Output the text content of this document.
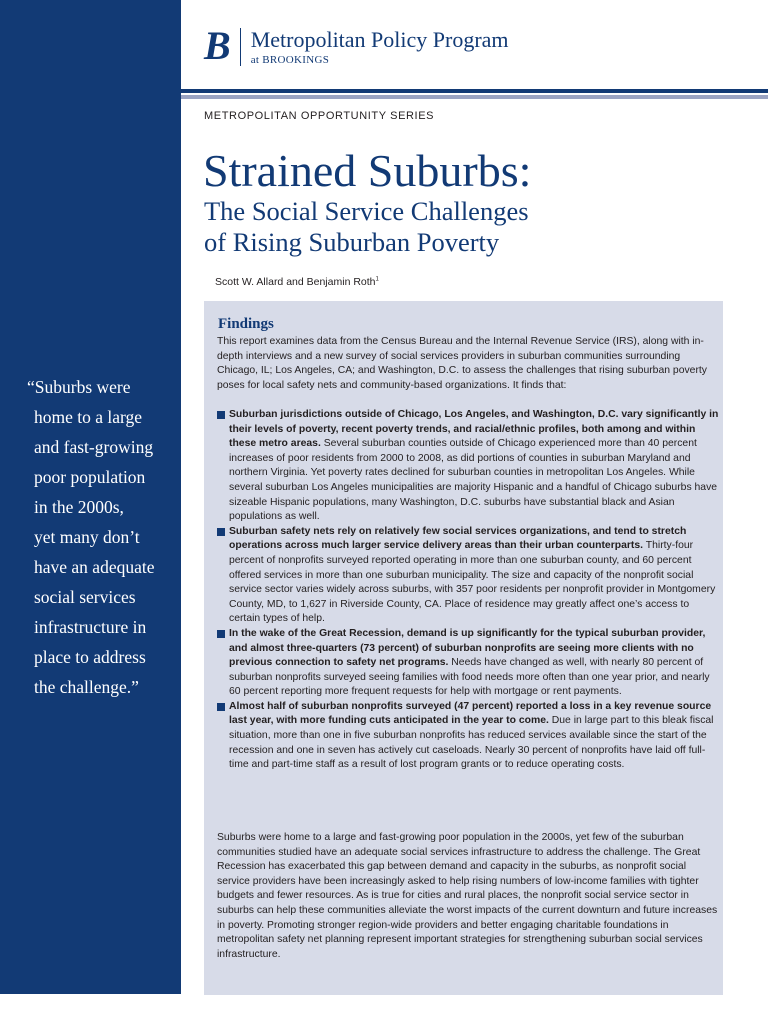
“Suburbs were
home to a large
and fast-growing
poor population
in the 2000s,
yet many don’t
have an adequate
social services
infrastructure in
place to address
the challenge.”
B Metropolitan Policy Program
at BROOKINGS
METROPOLITAN OPPORTUNITY SERIES
Strained Suburbs:
The Social Service Challenges
of Rising Suburban Poverty
Scott W. Allard and Benjamin Roth$^1$
Findings

This report examines data from the Census Bureau and the Internal Revenue Service (IRS), along with in-depth interviews and a new survey of social services providers in suburban communities surrounding Chicago, IL; Los Angeles, CA; and Washington, D.C. to assess the challenges that rising suburban poverty poses for local safety nets and community-based organizations. It finds that:

Suburban jurisdictions outside of Chicago, Los Angeles, and Washington, D.C. vary significantly in their levels of poverty, recent poverty trends, and racial/ethnic profiles, both among and within these metro areas. Several suburban counties outside of Chicago experienced more than 40 percent increases of poor residents from 2000 to 2008, as did portions of counties in suburban Maryland and northern Virginia. Yet poverty rates declined for suburban counties in metropolitan Los Angeles. While several suburban Los Angeles municipalities are majority Hispanic and a handful of Chicago suburbs have sizeable Hispanic populations, many Washington, D.C. suburbs have substantial black and Asian populations as well.
Suburban safety nets rely on relatively few social services organizations, and tend to stretch operations across much larger service delivery areas than their urban counterparts. Thirty-four percent of nonprofits surveyed reported operating in more than one suburban county, and 60 percent offered services in more than one suburban municipality. The size and capacity of the nonprofit social service sector varies widely across suburbs, with 357 poor residents per nonprofit provider in Montgomery County, MD, to 1,627 in Riverside County, CA. Place of residence may greatly affect one’s access to certain types of help.
In the wake of the Great Recession, demand is up significantly for the typical suburban provider, and almost three-quarters (73 percent) of suburban nonprofits are seeing more clients with no previous connection to safety net programs. Needs have changed as well, with nearly 80 percent of suburban nonprofits surveyed seeing families with food needs more often than one year prior, and nearly 60 percent reporting more frequent requests for help with mortgage or rent payments.
Almost half of suburban nonprofits surveyed (47 percent) reported a loss in a key revenue source last year, with more funding cuts anticipated in the year to come. Due in large part to this bleak fiscal situation, more than one in five suburban nonprofits has reduced services available since the start of the recession and one in seven has actively cut caseloads. Nearly 30 percent of nonprofits have laid off full-time and part-time staff as a result of lost program grants or to reduce operating costs.

Suburbs were home to a large and fast-growing poor population in the 2000s, yet few of the suburban communities studied have an adequate social services infrastructure to address the challenge. The Great Recession has exacerbated this gap between demand and capacity in the suburbs, as nonprofit social service providers have been increasingly asked to help rising numbers of low-income families with tighter budgets and fewer resources. As is true for cities and rural places, the nonprofit social service sector in suburbs can help these communities alleviate the worst impacts of the current downturn and future increases in poverty. Promoting stronger region-wide providers and better engaging charitable foundations in metropolitan safety net planning represent important strategies for strengthening suburban social services infrastructure.
